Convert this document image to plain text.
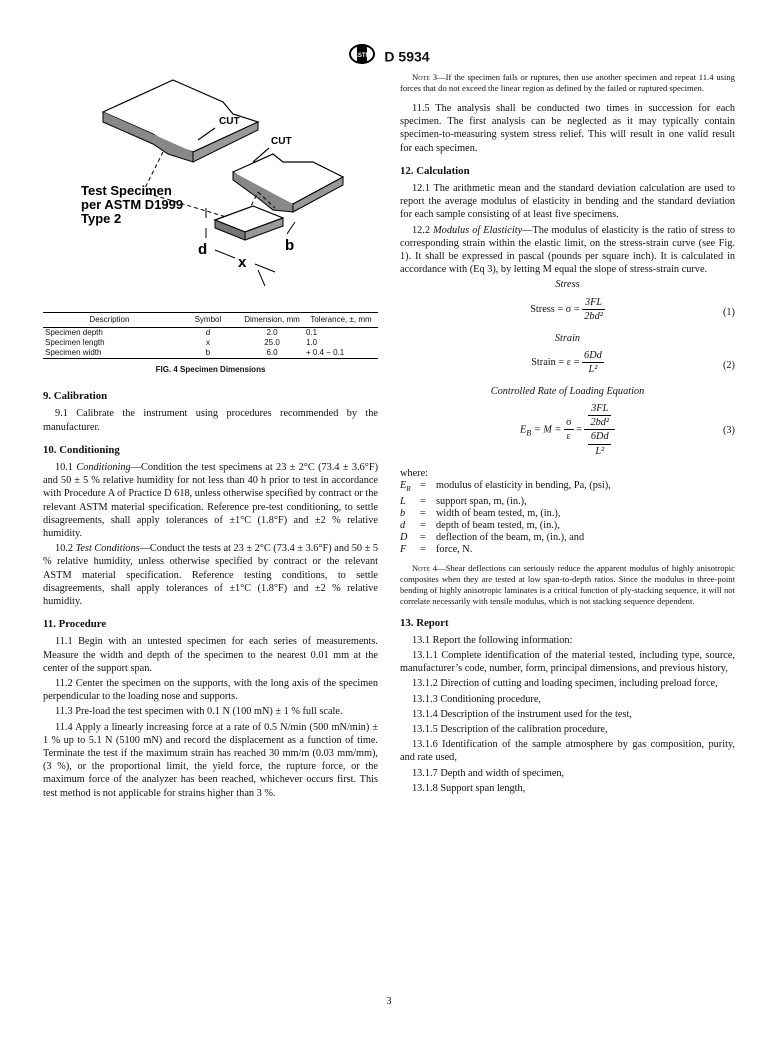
ASTM D 5934
CUT
CUT
d
x
b
Test Specimen
per ASTM D1999
Type 2
Description	Symbol	Dimension, mm	Tolerance, ±, mm
Specimen depth	d	2.0	0.1
Specimen length	x	25.0	1.0
Specimen width	b	6.0	+ 0.4 − 0.1
FIG. 4 Specimen Dimensions
9. Calibration

9.1 Calibrate the instrument using procedures recommended by the manufacturer.

10. Conditioning

10.1 Conditioning—Condition the test specimens at 23 ± 2°C (73.4 ± 3.6°F) and 50 ± 5 % relative humidity for not less than 40 h prior to test in accordance with Procedure A of Practice D 618, unless otherwise specified by contract or the relevant ASTM material specification. Reference pre-test conditioning, to settle disagreements, shall apply tolerances of ±1°C (1.8°F) and ±2 % relative humidity.

10.2 Test Conditions—Conduct the tests at 23 ± 2°C (73.4 ± 3.6°F) and 50 ± 5 % relative humidity, unless otherwise specified by contract or the relevant ASTM material specification. Reference testing conditions, to settle disagreements, shall apply tolerances of ±1°C (1.8°F) and ±2 % relative humidity.

11. Procedure

11.1 Begin with an untested specimen for each series of measurements. Measure the width and depth of the specimen to the nearest 0.01 mm at the center of the support span.

11.2 Center the specimen on the supports, with the long axis of the specimen perpendicular to the loading nose and supports.

11.3 Pre-load the test specimen with 0.1 N (100 mN) ± 1 % full scale.

11.4 Apply a linearly increasing force at a rate of 0.5 N/min (500 mN/min) ± 1 % up to 5.1 N (5100 mN) and record the displacement as a function of time. Terminate the test if the maximum strain has reached 30 mm/m (0.03 mm/mm), (3 %), or the proportional limit, the yield force, the rupture force, or the maximum force of the analyzer has been reached, whichever occurs first. This test method is not applicable for strains higher than 3 %.

Note 3—If the specimen fails or ruptures, then use another specimen and repeat 11.4 using forces that do not exceed the linear region as defined by the failed or ruptured specimen.

11.5 The analysis shall be conducted two times in succession for each specimen. The first analysis can be neglected as it may typically contain specimen-to-measuring system stress relief. This will result in one valid result for each specimen.

12. Calculation

12.1 The arithmetic mean and the standard deviation calculation are used to report the average modulus of elasticity in bending and the standard deviation for each sample consisting of at least five specimens.

12.2 Modulus of Elasticity—The modulus of elasticity is the ratio of stress to corresponding strain within the elastic limit, on the stress-strain curve (see Fig. 1). It shall be expressed in pascal (pounds per square inch). It is calculated in accordance with (Eq 3), by letting M equal the slope of stress-strain curve.

Stress
Stress = $\sigma = \frac{3FL}{\text{2bd²}}$	(1)
Strain
Strain = $\varepsilon = \frac{6Dd}{\text{L²}}$	(2)
Controlled Rate of Loading Equation
$E_B = M = \frac{\sigma}{\varepsilon} = 3FL$
2bd²
6Dd
L²	(3)
where:
$E_B$ = modulus of elasticity in bending, Pa, (psi),
L	= support span, m, (in.),
b	= width of beam tested, m, (in.),
d	= depth of beam tested, m, (in.),
D	= deflection of the beam, m, (in.), and
F	= force, N.

Note 4—Shear deflections can seriously reduce the apparent modulus of highly anisotropic composites when they are tested at low span-to-depth ratios. Since the modulus in three-point bending of highly anisotropic laminates is a critical function of ply-stacking sequence, it will not correlate necessarily with tensile modulus, which is not stacking sequence dependent.

13. Report

13.1 Report the following information:

13.1.1 Complete identification of the material tested, including type, source, manufacturer’s code, number, form, principal dimensions, and previous history,

13.1.2 Direction of cutting and loading specimen, including preload force,

13.1.3 Conditioning procedure,

13.1.4 Description of the instrument used for the test,

13.1.5 Description of the calibration procedure,

13.1.6 Identification of the sample atmosphere by gas composition, purity, and rate used,

13.1.7 Depth and width of specimen,

13.1.8 Support span length,

3
